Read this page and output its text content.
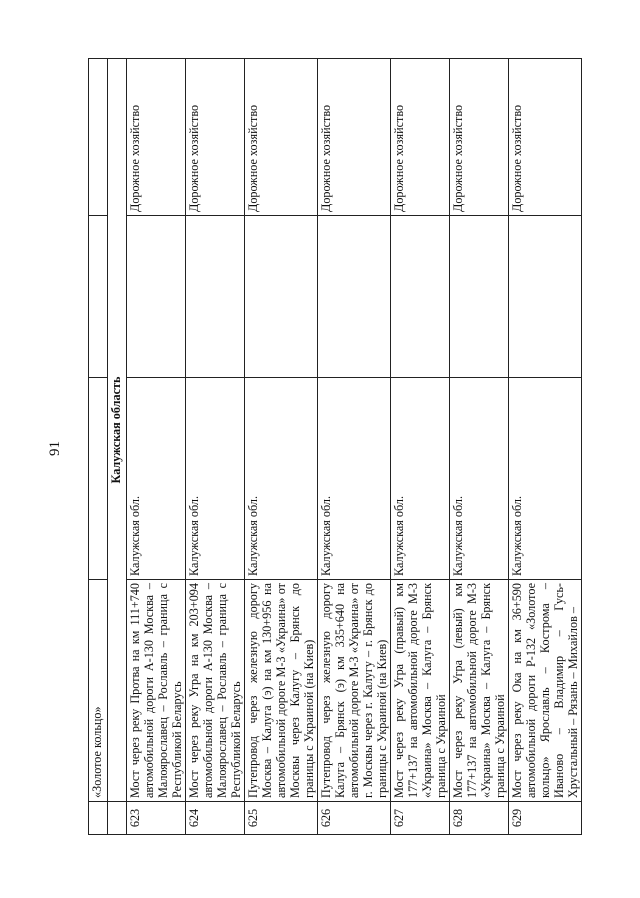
91
	«Золотое кольцо»			
	Калужская область			
623	Мост через реку Протва на км 111+740 автомобильной дороги А-130 Москва – Малоярославец – Рославль – граница с Республикой Беларусь	Калужская обл.		Дорожное хозяйство
624	Мост через реку Угра на км 203+094 автомобильной дороги А-130 Москва – Малоярославец – Рославль – граница с Республикой Беларусь	Калужская обл.		Дорожное хозяйство
625	Путепровод через железную дорогу Москва – Калуга (э) на км 130+956 на автомобильной дороге М-3 «Украина» от Москвы через Калугу – Брянск до границы с Украиной (на Киев)	Калужская обл.		Дорожное хозяйство
626	Путепровод через железную дорогу Калуга – Брянск (э) км 335+640 на автомобильной дороге М-3 «Украина» от г. Москвы через г. Калугу – г. Брянск до границы с Украиной (на Киев)	Калужская обл.		Дорожное хозяйство
627	Мост через реку Угра (правый) км 177+137 на автомобильной дороге М-3 «Украина» Москва – Калуга – Брянск граница с Украиной	Калужская обл.		Дорожное хозяйство
628	Мост через реку Угра (левый) км 177+137 на автомобильной дороге М-3 «Украина» Москва – Калуга – Брянск граница с Украиной	Калужская обл.		Дорожное хозяйство
629	Мост через реку Ока на км 36+590 автомобильной дороги Р-132 «Золотое кольцо» Ярославль – Кострома – Иваново – Владимир – Гусь-Хрустальный – Рязань – Михайлов –	Калужская обл.		Дорожное хозяйство
